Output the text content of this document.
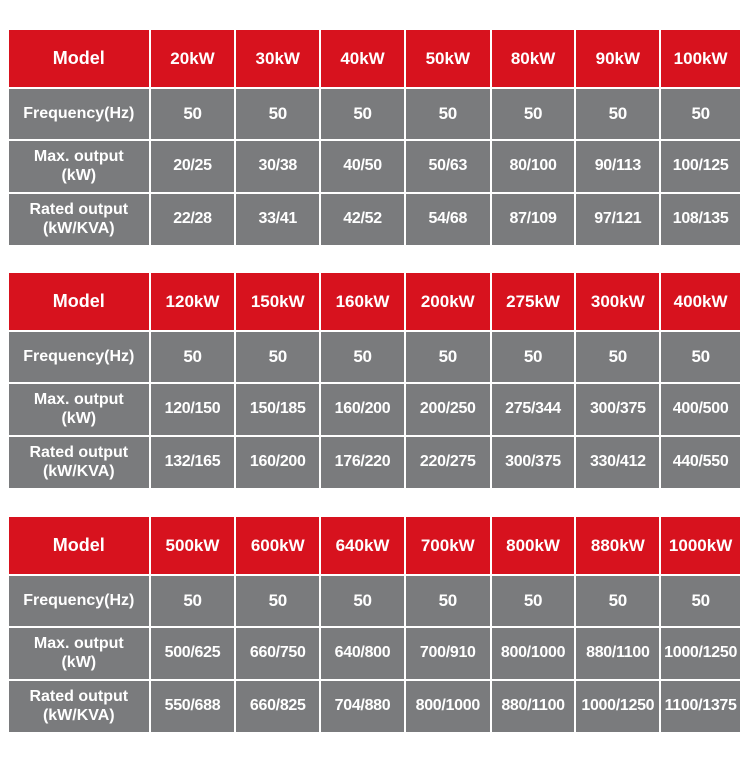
Model	20kW	30kW	40kW	50kW	80kW	90kW	100kW
Frequency(Hz)	50	50	50	50	50	50	50
Max. output
(kW)
20/25	30/38	40/50	50/63	80/100	90/113	100/125
Rated output
(kW/KVA)
22/28	33/41	42/52	54/68	87/109	97/121	108/135
Model	120kW	150kW	160kW	200kW	275kW	300kW	400kW
Frequency(Hz)	50	50	50	50	50	50	50
Max. output
(kW)
120/150	150/185	160/200	200/250	275/344	300/375	400/500
Rated output
(kW/KVA)
132/165	160/200	176/220	220/275	300/375	330/412	440/550
Model	500kW	600kW	640kW	700kW	800kW	880kW	1000kW
Frequency(Hz)	50	50	50	50	50	50	50
Max. output
(kW)
500/625	660/750	640/800	700/910	800/1000	880/1100 1000/1250
Rated output
(kW/KVA)
550/688	660/825	704/880	800/1000	880/1100	1000/1250 1100/1375
